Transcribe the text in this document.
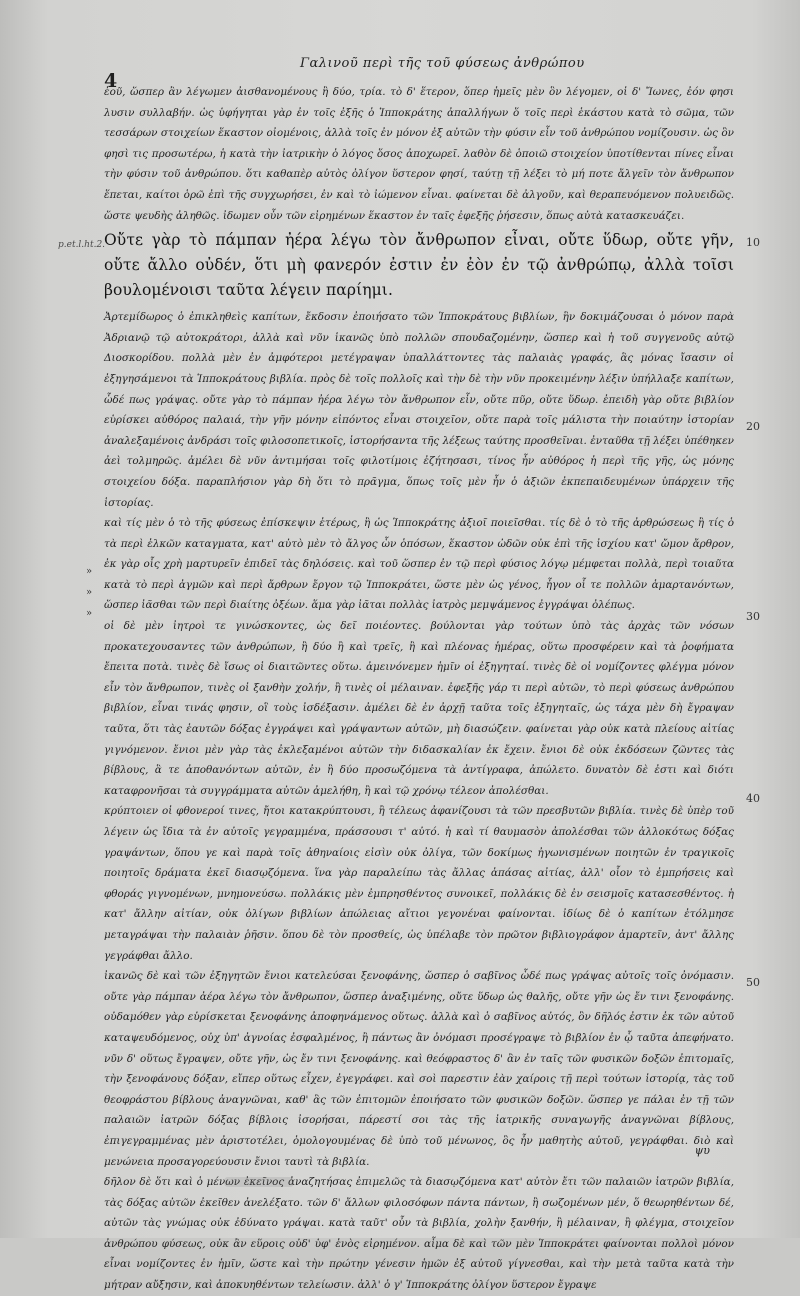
Γαλινοῦ περὶ τῆς τοῦ φύσεως ἀνθρώπου
4
p.et.l.ht.2.	10
20
30
40
50
»
»
»

ἐοῦ, ὥσπερ ἂν λέγωμεν ἀισθανομένους ἢ δύο, τρία. τὸ δ' ἕτερον, ὅπερ ἡμεῖς μὲν ὃν λέγομεν, οἱ δ' Ἴωνες, ἐόν φησι λυσιν συλλαβήν. ὡς ὑφήγηται γὰρ ἐν τοῖς ἐξῆς ὁ Ἱπποκράτης ἀπαλλήγων ὅ τοῖς περὶ ἑκάστου κατὰ τὸ σῶμα, τῶν τεσσάρων στοιχείων ἕκαστον οἰομένοις, ἀλλὰ τοῖς ἐν μόνον ἐξ αὐτῶν τὴν φύσιν εἶν τοῦ ἀνθρώπου νομίζουσιν. ὡς ὃν φησὶ τις προσωτέρω, ἡ κατὰ τὴν ἰατρικὴν ὁ λόγος ὅσος ἀποχωρεῖ. λαθὸν δὲ ὁποιῶ στοιχείον ὑποτίθενται πίνες εἶναι τὴν φύσιν τοῦ ἀνθρώπου. ὅτι καθαπὲρ αὐτὸς ὀλίγον ὕστερον φησί, ταύτῃ τῇ λέξει τὸ μή ποτε ἄλγεῖν τὸν ἄνθρωπον ἕπεται, καίτοι ὁρῶ ἐπὶ τῆς συγχωρήσει, ἐν καὶ τὸ ἰώμενον εἶναι. φαίνεται δὲ ἀλγοῦν, καὶ θεραπευόμενον πολυειδῶς. ὥστε ψευδὴς ἀληθῶς. ἰδωμεν οὖν τῶν εἰρημένων ἕκαστον ἐν ταῖς ἐφεξῆς ῥήσεσιν, ὅπως αὐτὰ κατασκευάζει.

Οὔτε γὰρ τὸ πάμπαν ἠέρα λέγω τὸν ἄνθρωπον εἶναι, οὔτε ὕδωρ, οὔτε γῆν, οὔτε ἄλλο οὐδέν, ὅτι μὴ φανερόν ἐστιν ἐν ἐὸν ἐν τῷ ἀνθρώπῳ, ἀλλὰ τοῖσι βουλομένοισι ταῦτα λέγειν παρίημι.

Ἀρτεμίδωρος ὁ ἐπικληθεὶς καπίτων, ἔκδοσιν ἐποιήσατο τῶν Ἱπποκράτους βιβλίων, ἣν δοκιμάζουσαι ὁ μόνον παρὰ Ἀδριανῷ τῷ αὐτοκράτορι, ἀλλὰ καὶ νῦν ἱκανῶς ὑπὸ πολλῶν σπουδαζομένην, ὥσπερ καὶ ἡ τοῦ συγγενοῦς αὐτῷ Διοσκορίδου. πολλὰ μὲν ἐν ἀμφότεροι μετέγραψαν ὑπαλλάττοντες τὰς παλαιὰς γραφάς, ἃς μόνας ἴσασιν οἱ ἐξηγησάμενοι τὰ Ἱπποκράτους βιβλία. πρὸς δὲ τοῖς πολλοῖς καὶ τὴν δὲ τὴν νῦν προκειμένην λέξιν ὑπήλλαξε καπίτων, ὧδέ πως γράψας. οὔτε γὰρ τὸ πάμπαν ἠέρα λέγω τὸν ἄνθρωπον εἶν, οὔτε πῦρ, οὔτε ὕδωρ. ἐπειδὴ γὰρ οὔτε βιβλίον εὑρίσκει αὐθόρος παλαιά, τὴν γῆν μόνην εἰπόντος εἶναι στοιχεῖον, οὔτε παρὰ τοῖς μάλιστα τὴν ποιαύτην ἱστορίαν ἀναλεξαμένοις ἀνδράσι τοῖς φιλοσοπετικοῖς, ἱστορήσαντα τῆς λέξεως ταύτης προσθεῖναι. ἐνταῦθα τῇ λέξει ὑπέθηκεν ἀεὶ τολμηρῶς. ἀμέλει δὲ νῦν ἀντιμήσαι τοῖς φιλοτίμοις ἐζήτησασι, τίνος ἦν αὐθόρος ἡ περὶ τῆς γῆς, ὡς μόνης στοιχείου δόξα. παραπλήσιον γὰρ δὴ ὅτι τὸ πρᾶγμα, ὅπως τοῖς μὲν ἦν ὁ ἀξιῶν ἐκπεπαιδευμένων ὑπάρχειν τῆς ἱστορίας.

καὶ τίς μὲν ὁ τὸ τῆς φύσεως ἐπίσκεψιν ἑτέρως, ἢ ὡς Ἱπποκράτης ἀξιοῖ ποιεῖσθαι. τίς δὲ ὁ τὸ τῆς ἀρθρώσεως ἢ τίς ὁ τὰ περὶ ἑλκῶν καταγματα, κατ' αὐτὸ μὲν τὸ ἄλγος ὧν ὁπόσων, ἕκαστον ὠδῶν οὐκ ἐπὶ τῆς ἰσχίου κατ' ὤμον ἄρθρον, ἐκ γὰρ οἷς χρὴ μαρτυρεῖν ἐπιδεῖ τὰς δηλόσεις. καὶ τοῦ ὥσπερ ἐν τῷ περὶ φύσιος λόγῳ μέμφεται πολλὰ, περὶ τοιαῦτα κατὰ τὸ περὶ ἀγμῶν καὶ περὶ ἄρθρων ἔργον τῷ Ἱπποκράτει, ὥστε μὲν ὡς γένος, ἦγον οἷ τε πολλῶν ἁμαρτανόντων, ὥσπερ ἰᾶσθαι τῶν περὶ διαίτης ὀξέων. ἅμα γὰρ ἰᾶται πολλὰς ἰατρὸς μεμψάμενος ἐγγράψαι ὀλέπως.

οἱ δὲ μὲν ἰητροὶ τε γινώσκοντες, ὡς δεῖ ποιέοντες. βούλονται γὰρ τούτων ὑπὸ τὰς ἀρχὰς τῶν νόσων προκατεχουσαντες τῶν ἀνθρώπων, ἢ δύο ἢ καὶ τρεῖς, ἢ καὶ πλέονας ἡμέρας, οὕτω προσφέρειν καὶ τὰ ῥοφήματα ἔπειτα ποτὰ. τινὲς δὲ ἴσως οἱ διαιτῶντες οὕτω. ἀμεινόνεμεν ἡμῖν οἱ ἐξηγηταί. τινὲς δὲ οἱ νομίζοντες φλέγμα μόνον εἶν τὸν ἄνθρωπον, τινὲς οἱ ξανθὴν χολήν, ἢ τινὲς οἱ μέλαιναν. ἐφεξῆς γάρ τι περὶ αὐτῶν, τὸ περὶ φύσεως ἀνθρώπου βιβλίον, εἶναι τινάς φησιν, οἳ τοὺς ἰσδέξασιν. ἀμέλει δὲ ἐν ἀρχῇ ταῦτα τοῖς ἐξηγηταῖς, ὡς τάχα μὲν δὴ ἔγραψαν ταῦτα, ὅτι τὰς ἑαυτῶν δόξας ἐγγράψει καὶ γράψαντων αὐτῶν, μὴ διασώζειν. φαίνεται γὰρ οὐκ κατὰ πλείους αἰτίας γιγνόμενον. ἔνιοι μὲν γὰρ τὰς ἐκλεξαμένοι αὐτῶν τὴν διδασκαλίαν ἐκ ἔχειν. ἔνιοι δὲ οὐκ ἐκδόσεων ζῶντες τὰς βίβλους, ἃ τε ἀποθανόντων αὐτῶν, ἐν ἢ δύο προσωζόμενα τὰ ἀντίγραφα, ἀπώλετο. δυνατὸν δὲ ἐστι καὶ διότι καταφρονῆσαι τὰ συγγράμματα αὐτῶν ἀμελήθη, ἢ καὶ τῷ χρόνῳ τέλεον ἀπολέσθαι.

κρύπτοιεν οἱ φθονεροί τινες, ἤτοι κατακρύπτουσι, ἢ τέλεως ἀφανίζουσι τὰ τῶν πρεσβυτῶν βιβλία. τινὲς δὲ ὑπὲρ τοῦ λέγειν ὡς ἴδια τὰ ἐν αὐτοῖς γεγραμμένα, πράσσουσι τ' αὐτό. ἡ καὶ τί θαυμασὸν ἀπολέσθαι τῶν ἀλλοκότως δόξας γραψάντων, ὅπου γε καὶ παρὰ τοῖς ἀθηναίοις εἰσὶν οὐκ ὀλίγα, τῶν δοκίμως ἠγωνισμένων ποιητῶν ἐν τραγικοῖς ποιητοῖς δράματα ἐκεῖ διασῳζόμενα. ἵνα γὰρ παραλείπω τὰς ἄλλας ἁπάσας αἰτίας, ἀλλ' οἷον τὸ ἐμπρήσεις καὶ φθοράς γιγνομένων, μνημονεύσω. πολλάκις μὲν ἐμπρησθέντος συνοικεῖ, πολλάκις δὲ ἐν σεισμοῖς κατασεσθέντος. ἡ κατ' ἄλλην αἰτίαν, οὐκ ὀλίγων βιβλίων ἀπώλειας αἴτιοι γεγονέναι φαίνονται. ἰδίως δὲ ὁ καπίτων ἐτόλμησε μεταγράψαι τὴν παλαιὰν ῥῆσιν. ὅπου δὲ τὸν προσθείς, ὡς ὑπέλαβε τὸν πρῶτον βιβλιογράφον ἁμαρτεῖν, ἀντ' ἄλλης γεγράφθαι ἄλλο.

ἰκανῶς δὲ καὶ τῶν ἐξηγητῶν ἔνιοι κατελεύσαι ξενοφάνης, ὥσπερ ὁ σαβῖνος ὧδέ πως γράψας αὐτοῖς τοῖς ὀνόμασιν. οὔτε γὰρ πάμπαν ἀέρα λέγω τὸν ἄνθρωπον, ὥσπερ ἀναξιμένης, οὔτε ὕδωρ ὡς θαλῆς, οὔτε γῆν ὡς ἔν τινι ξενοφάνης. οὐδαμόθεν γὰρ εὑρίσκεται ξενοφάνης ἀποφηνάμενος οὕτως. ἀλλὰ καὶ ὁ σαβῖνος αὐτός, ὃν δῆλός ἐστιν ἐκ τῶν αὐτοῦ καταψευδόμενος, οὐχ ὑπ' ἀγνοίας ἐσφαλμένος, ἢ πάντως ἂν ὀνόμασι προσέγραψε τὸ βιβλίον ἐν ᾧ ταῦτα ἀπεφήνατο. νῦν δ' οὕτως ἔγραψεν, οὔτε γῆν, ὡς ἔν τινι ξενοφάνης. καὶ θεόφραστος δ' ἂν ἐν ταῖς τῶν φυσικῶν δοξῶν ἐπιτομαῖς, τὴν ξενοφάνους δόξαν, εἴπερ οὕτως εἶχεν, ἐγεγράφει. καὶ σοὶ παρεστιν ἐὰν χαίροις τῇ περὶ τούτων ἱστορίᾳ, τὰς τοῦ θεοφράστου βίβλους ἀναγνῶναι, καθ' ἃς τῶν ἐπιτομῶν ἐποιήσατο τῶν φυσικῶν δοξῶν. ὥσπερ γε πάλαι ἐν τῇ τῶν παλαιῶν ἰατρῶν δόξας βίβλοις ἰσορήσαι, πάρεστί σοι τὰς τῆς ἰατρικῆς συναγωγῆς ἀναγνῶναι βίβλους, ἐπιγεγραμμένας μὲν ἀριστοτέλει, ὁμολογουμένας δὲ ὑπὸ τοῦ μένωνος, ὃς ἦν μαθητὴς αὐτοῦ, γεγράφθαι. διὸ καὶ μενώνεια προσαγορεύουσιν ἔνιοι ταυτὶ τὰ βιβλία.

δῆλον δὲ ὅτι καὶ ὁ μένων ἐκεῖνος ἀναζητήσας ἐπιμελῶς τὰ διασῳζόμενα κατ' αὐτὸν ἔτι τῶν παλαιῶν ἰατρῶν βιβλία, τὰς δόξας αὐτῶν ἐκεῖθεν ἀνελέξατο. τῶν δ' ἄλλων φιλοσόφων πάντα πάντων, ἢ σωζομένων μέν, ὅ θεωρηθέντων δέ, αὐτῶν τὰς γνώμας οὐκ ἐδύνατο γράψαι. κατὰ ταῦτ' οὖν τὰ βιβλία, χολὴν ξανθήν, ἢ μέλαιναν, ἢ φλέγμα, στοιχεῖον ἀνθρώπου φύσεως, οὐκ ἂν εὕροις οὐδ' ὑφ' ἑνὸς εἰρημένον. αἷμα δὲ καὶ τῶν μὲν Ἱπποκράτει φαίνονται πολλοὶ μόνον εἶναι νομίζοντες ἐν ἡμῖν, ὥστε καὶ τὴν πρώτην γένεσιν ἡμῶν ἐξ αὐτοῦ γίγνεσθαι, καὶ τὴν μετὰ ταῦτα κατὰ τὴν μήτραν αὔξησιν, καὶ ἀποκυηθέντων τελείωσιν. ἀλλ' ὁ γ' Ἱπποκράτης ὀλίγον ὕστερον ἔγραψε

ψυ
